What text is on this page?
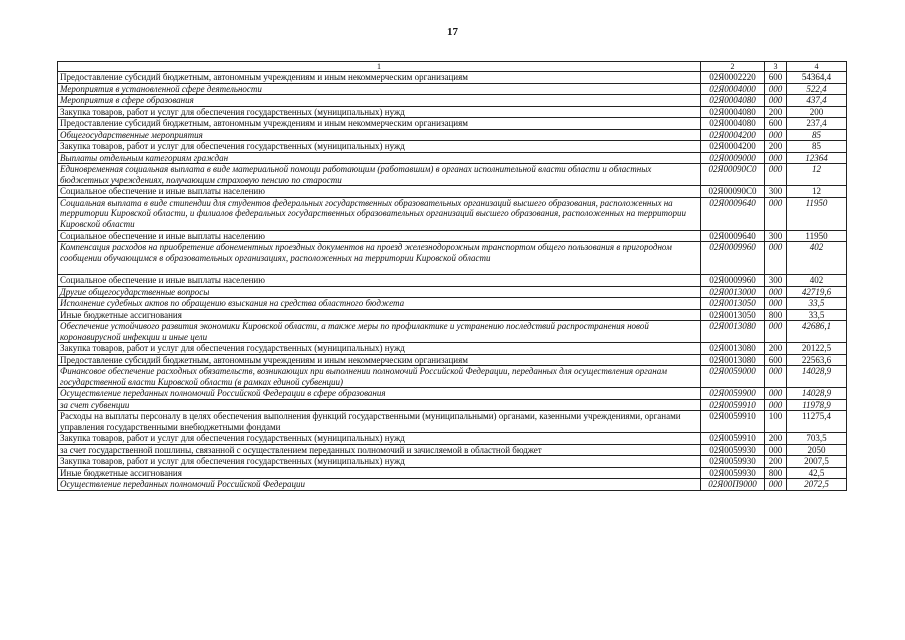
17
1	2	3	4
Предоставление субсидий бюджетным, автономным учреждениям и иным некоммерческим организациям	02Я0002220	600	54364,4
Мероприятия в установленной сфере деятельности	02Я0004000	000	522,4
Мероприятия в сфере образования	02Я0004080	000	437,4
Закупка товаров, работ и услуг для обеспечения государственных (муниципальных) нужд	02Я0004080	200	200
Предоставление субсидий бюджетным, автономным учреждениям и иным некоммерческим организациям	02Я0004080	600	237,4
Общегосударственные мероприятия	02Я0004200	000	85
Закупка товаров, работ и услуг для обеспечения государственных (муниципальных) нужд	02Я0004200	200	85
Выплаты отдельным категориям граждан	02Я0009000	000	12364
Единовременная социальная выплата в виде материальной помощи работающим (работавшим) в органах исполнительной власти области и областных бюджетных учреждениях, получающим страховую пенсию по старости	02Я00090С0	000	12
Социальное обеспечение и иные выплаты населению	02Я00090С0	300	12
Социальная выплата в виде стипендии для студентов федеральных государственных образовательных организаций высшего образования, расположенных на территории Кировской области, и филиалов федеральных государственных образовательных организаций высшего образования, расположенных на территории Кировской области	02Я0009640	000	11950
Социальное обеспечение и иные выплаты населению	02Я0009640	300	11950
Компенсация расходов на приобретение абонементных проездных документов на проезд железнодорожным транспортом общего пользования в пригородном сообщении обучающимся в образовательных организациях, расположенных на территории Кировской области	02Я0009960	000	402
Социальное обеспечение и иные выплаты населению	02Я0009960	300	402
Другие общегосударственные вопросы	02Я0013000	000	42719,6
Исполнение судебных актов по обращению взыскания на средства областного бюджета	02Я0013050	000	33,5
Иные бюджетные ассигнования	02Я0013050	800	33,5
Обеспечение устойчивого развития экономики Кировской области, а также меры по профилактике и устранению последствий распространения новой коронавирусной инфекции и иные цели	02Я0013080	000	42686,1
Закупка товаров, работ и услуг для обеспечения государственных (муниципальных) нужд	02Я0013080	200	20122,5
Предоставление субсидий бюджетным, автономным учреждениям и иным некоммерческим организациям	02Я0013080	600	22563,6
Финансовое обеспечение расходных обязательств, возникающих при выполнении полномочий Российской Федерации, переданных для осуществления органам государственной власти Кировской области (в рамках единой субвенции)	02Я0059000	000	14028,9
Осуществление переданных полномочий Российской Федерации в сфере образования	02Я0059900	000	14028,9
за счет субвенции	02Я0059910	000	11978,9
Расходы на выплаты персоналу в целях обеспечения выполнения функций государственными (муниципальными) органами, казенными учреждениями, органами управления государственными внебюджетными фондами	02Я0059910	100	11275,4
Закупка товаров, работ и услуг для обеспечения государственных (муниципальных) нужд	02Я0059910	200	703,5
за счет государственной пошлины, связанной с осуществлением переданных полномочий и зачисляемой в областной бюджет	02Я0059930	000	2050
Закупка товаров, работ и услуг для обеспечения государственных (муниципальных) нужд	02Я0059930	200	2007,5
Иные бюджетные ассигнования	02Я0059930	800	42,5
Осуществление переданных полномочий Российской Федерации	02Я00П9000	000	2072,5
